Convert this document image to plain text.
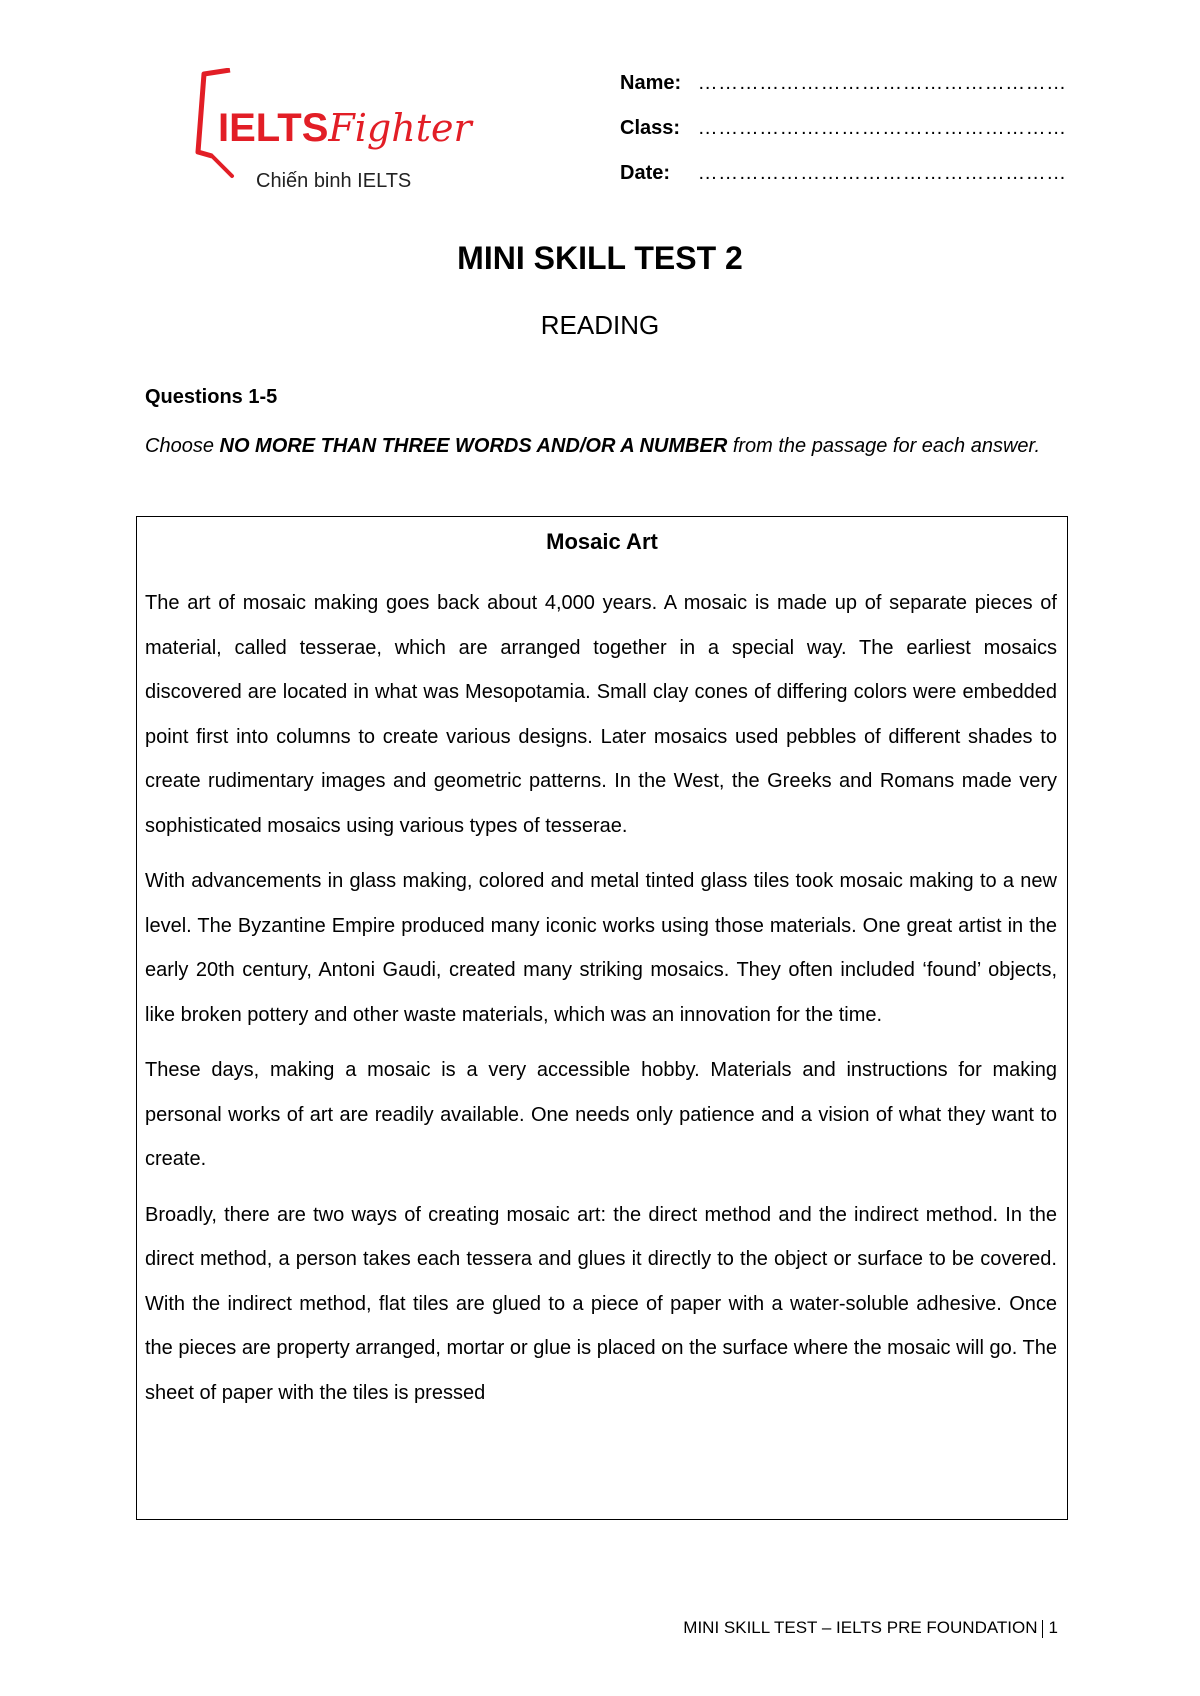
IELTSFighter
Chiến binh IELTS
Name: ………………………………………………
Class: ………………………………………………
Date: ………………………………………………
MINI SKILL TEST 2
READING
Questions 1-5
Choose NO MORE THAN THREE WORDS AND/OR A NUMBER from the passage for each answer.
Mosaic Art

The art of mosaic making goes back about 4,000 years. A mosaic is made up of separate pieces of material, called tesserae, which are arranged together in a special way. The earliest mosaics discovered are located in what was Mesopotamia. Small clay cones of differing colors were embedded point first into columns to create various designs. Later mosaics used pebbles of different shades to create rudimentary images and geometric patterns. In the West, the Greeks and Romans made very sophisticated mosaics using various types of tesserae.

With advancements in glass making, colored and metal tinted glass tiles took mosaic making to a new level. The Byzantine Empire produced many iconic works using those materials. One great artist in the early 20th century, Antoni Gaudi, created many striking mosaics. They often included ‘found’ objects, like broken pottery and other waste materials, which was an innovation for the time.

These days, making a mosaic is a very accessible hobby. Materials and instructions for making personal works of art are readily available. One needs only patience and a vision of what they want to create.

Broadly, there are two ways of creating mosaic art: the direct method and the indirect method. In the direct method, a person takes each tessera and glues it directly to the object or surface to be covered. With the indirect method, flat tiles are glued to a piece of paper with a water-soluble adhesive. Once the pieces are property arranged, mortar or glue is placed on the surface where the mosaic will go. The sheet of paper with the tiles is pressed

MINI SKILL TEST – IELTS PRE FOUNDATION 1
